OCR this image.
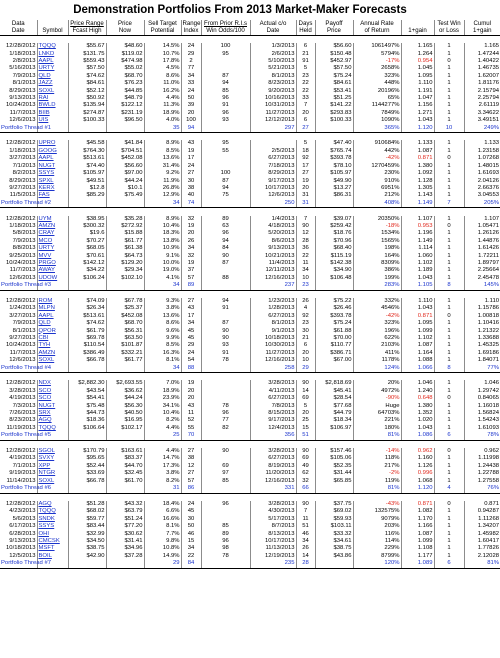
Demonstration Portfolios From 2013 Market-Maker Forecasts
Data		Price Range	Price	Sell Target	Range	From Prior R.I.s	Actual c/o	Days	Payoff	Annual Rate		Test Win	Cumul
Date	Symbol	Fcast High	Now	Potential	Index	Win Odds/100	Date	Held	Price	of Return	1+gain	or Loss	1+gain

12/28/2012	TQQQ	$55.67	$48.60	14.5%	24	100	1/3/2013	6	$56.60	1061497%	1.165	1	1.165
1/18/2013	LNKD	$131.75	$119.02	10.7%	29	95	2/6/2013	21	$150.48	5794%	1.264	1	1.47244
2/8/2013	AAPL	$559.43	$474.98	17.8%	2		5/10/2013	91	$452.97	-17%	0.954	0	1.40422
5/16/2013	URTY	$57.50	$55.02	4.5%	77		5/21/2013	5	$57.50	2658%	1.045	1	1.46735
7/9/2013	QLD	$74.62	$68.70	8.6%	34	87	8/1/2013	23	$75.24	323%	1.095	1	1.62007
8/1/2013	JAZZ	$84.61	$76.23	11.0%	33	94	8/23/2013	22	$84.61	448%	1.110	1	1.81176
8/29/2013	SOXL	$52.12	$44.85	16.2%	24	85	9/20/2013	22	$53.41	20196%	1.191	1	2.15794
9/13/2013	RAI	$50.92	$48.79	4.4%	50	96	10/16/2013	33	$51.25	65%	1.047	1	2.25794
10/24/2013	BWLD	$135.94	$122.12	11.3%	39	91	10/31/2013	7	$141.22	1144277%	1.156	1	2.61119
11/7/2013	BIIB	$274.87	$231.19	18.9%	20	96	11/27/2013	20	$293.83	7849%	1.271	1	3.34622
12/6/2013	UIS	$100.33	$96.50	4.0%	100	93	12/12/2013	6	$100.33	1090%	1.043	1	3.49151
Portfolio Thread #1				35	94		297	27		365%	1.120	10	249%

12/28/2012	UPRO	$45.58	$41.84	8.9%	43	95		5	$47.40	910684%	1.133	1	1.133
1/18/2013	GOOG	$764.30	$704.51	8.5%	19	55	2/5/2013	18	$765.74	442%	1.087	1	1.23158
3/27/2013	AAPL	$513.61	$452.08	13.6%	17		6/27/2013	92	$393.78	-42%	0.871	0	1.07268
7/1/2013	NUGT	$74.40	$56.60	31.4%	24		7/18/2013	17	$78.10	1270459%	1.380	1	1.48015
8/2/2013	SSYS	$105.97	$97.00	9.2%	27	100	8/29/2013	27	$105.97	230%	1.092	1	1.61693
8/29/2013	SPXL	$49.51	$44.24	11.9%	30	87	9/17/2013	19	$49.90	910%	1.128	1	2.04126
9/27/2013	KERX	$12.8	$10.1	26.8%	38	94	10/17/2013	20	$13.27	6951%	1.305	1	2.66376
11/5/2013	FAS	$85.29	$75.49	12.9%	40	75	12/6/2013	31	$86.31	212%	1.143	1	3.04553
Portfolio Thread #2				34	74		250	31		408%	1.149	7	205%

12/28/2012	UYM	$38.95	$35.28	8.9%	32	89	1/4/2013	7	$39.07	20350%	1.107	1	1.107
1/18/2013	AMZN	$300.32	$272.92	10.4%	19	63	4/18/2013	90	$259.42	-18%	0.953	0	1.05471
5/8/2013	CRAY	$19.6	$15.88	18.3%	20	96	5/20/2013	12	$18.76	1534%	1.196	1	1.26126
7/9/2013	MCO	$70.27	$61.77	13.8%	26	94	8/6/2013	28	$70.96	1565%	1.149	1	1.44876
8/8/2013	URTY	$68.05	$61.38	10.9%	34	84	9/13/2013	36	$68.40	198%	1.114	1	1.61426
9/25/2013	MVV	$70.61	$64.73	9.1%	32	90	10/21/2013	22	$115.19	164%	1.060	1	1.72211
10/24/2013	PRGO	$142.12	$129.20	10.0%	19	87	11/4/2013	11	$142.38	8309%	1.102	1	1.89797
11/7/2013	AWAY	$34.22	$29.34	19.0%	37		12/11/2013	34	$34.90	386%	1.189	1	2.25664
12/6/2013	UDOW	$106.24	$102.10	4.1%	57	88	12/16/2013	10	$106.48	199%	1.043	1	2.45478
Portfolio Thread #3				34	89		237	23		283%	1.105	8	145%

12/28/2012	ROM	$74.09	$67.78	9.3%	27	94	1/23/2013	26	$75.22	332%	1.110	1	1.110
1/24/2013	MLPN	$26.34	$25.37	3.8%	43	91	1/28/2013	4	$26.46	4546%	1.043	1	1.15786
3/27/2013	AAPL	$513.61	$452.08	13.6%	17		6/27/2013	92	$393.78	-42%	0.871	0	1.00818
7/9/2013	QLD	$74.62	$68.70	8.6%	34	87	8/1/2013	23	$75.24	323%	1.095	1	1.10416
8/1/2013	QPOR	$61.79	$56.31	9.6%	45	90	9/1/2013	30	$61.88	196%	1.099	1	1.21322
9/27/2013	CBI	$69.78	$63.50	9.9%	45	90	10/18/2013	21	$70.00	622%	1.102	1	1.33688
10/24/2013	TYH	$110.54	$101.87	8.5%	29	93	10/30/2013	6	$110.77	2103%	1.087	1	1.45325
11/7/2013	AMZN	$386.49	$332.21	16.3%	24	91	11/27/2013	20	$386.71	411%	1.164	1	1.69186
12/6/2013	SOXL	$66.78	$61.77	8.1%	54	78	12/16/2013	10	$67.00	1178%	1.088	1	1.84071
Portfolio Thread #4				34	88		258	29		124%	1.066	8	77%

12/28/2012	NDX	$2,882.30	$2,693.55	7.0%	19		3/28/2013	90	$2,818.69	20%	1.046	1	1.046
3/28/2013	SCO	$43.54	$36.62	18.9%	20		4/11/2013	14	$45.41	4972%	1.240	1	1.29742
4/19/2013	SCO	$54.41	$44.24	23.9%	20		6/27/2013	69	$28.54	-90%	0.648	0	0.84065
7/3/2013	NUGT	$75.48	$56.30	34.1%	43	78	7/8/2013	5	$77.68	Huge	1.380	1	1.16018
7/26/2013	SRX	$44.73	$40.50	10.4%	11	96	8/15/2013	20	$44.79	64703%	1.352	1	1.56824
8/23/2013	AGQ	$18.36	$16.95	8.2%	52	77	9/17/2013	25	$18.34	221%	1.020	1	1.54243
11/19/2013	TQQQ	$106.64	$102.17	4.4%	55	82	12/4/2013	15	$106.97	180%	1.043	1	1.61093
Portfolio Thread #5				25	70		356	51		81%	1.086	6	78%

12/28/2012	SGOL	$170.79	$163.61	4.4%	27	90	3/28/2013	90	$157.46	-14%	0.962	0	0.962
4/19/2013	SVXY	$95.65	$83.37	14.7%	38		6/27/2013	69	$105.06	118%	1.160	1	1.11998
7/1/2013	XPP	$52.44	$44.70	17.3%	12	69	8/19/2013	49	$52.35	217%	1.126	1	1.24438
9/19/2013	NTGR	$33.69	$32.45	3.8%	27	97	11/20/2013	62	$31.44	-2%	0.996	1	1.22788
11/14/2013	SOXL	$66.78	$61.70	8.2%	57	85	12/16/2013	32	$65.85	119%	1.068	1	1.27558
Portfolio Thread #6				31	86		331	66		81%	1.120	4	76%

12/28/2012	AGQ	$51.28	$43.32	18.4%	24	96	3/28/2013	90	$37.75	-43%	0.871	0	0.871
4/23/2013	TQQQ	$68.02	$63.79	6.6%	45		4/30/2013	7	$69.02	132575%	1.082	1	0.94287
5/6/2013	SNDK	$59.77	$51.24	16.6%	30		5/17/2013	11	$59.93	9079%	1.170	1	1.11268
6/17/2013	SSYS	$83.44	$77.20	8.1%	50	85	8/7/2013	51	$103.11	203%	1.166	1	1.34207
6/28/2013	OHI	$32.99	$30.62	7.7%	46	89	8/13/2013	46	$33.32	116%	1.087	1	1.45982
9/13/2013	CMCSK	$34.50	$31.41	9.8%	15	96	10/17/2013	34	$34.61	114%	1.099	1	1.60417
10/18/2013	MSFT	$38.75	$34.96	10.8%	34	98	11/13/2013	26	$38.75	229%	1.108	1	1.77826
12/5/2013	BOIL	$42.90	$37.28	14.9%	22	78	12/19/2013	14	$43.86	8799%	1.177	1	2.12028
Portfolio Thread #7				29	84		235	28		120%	1.089	6	81%
